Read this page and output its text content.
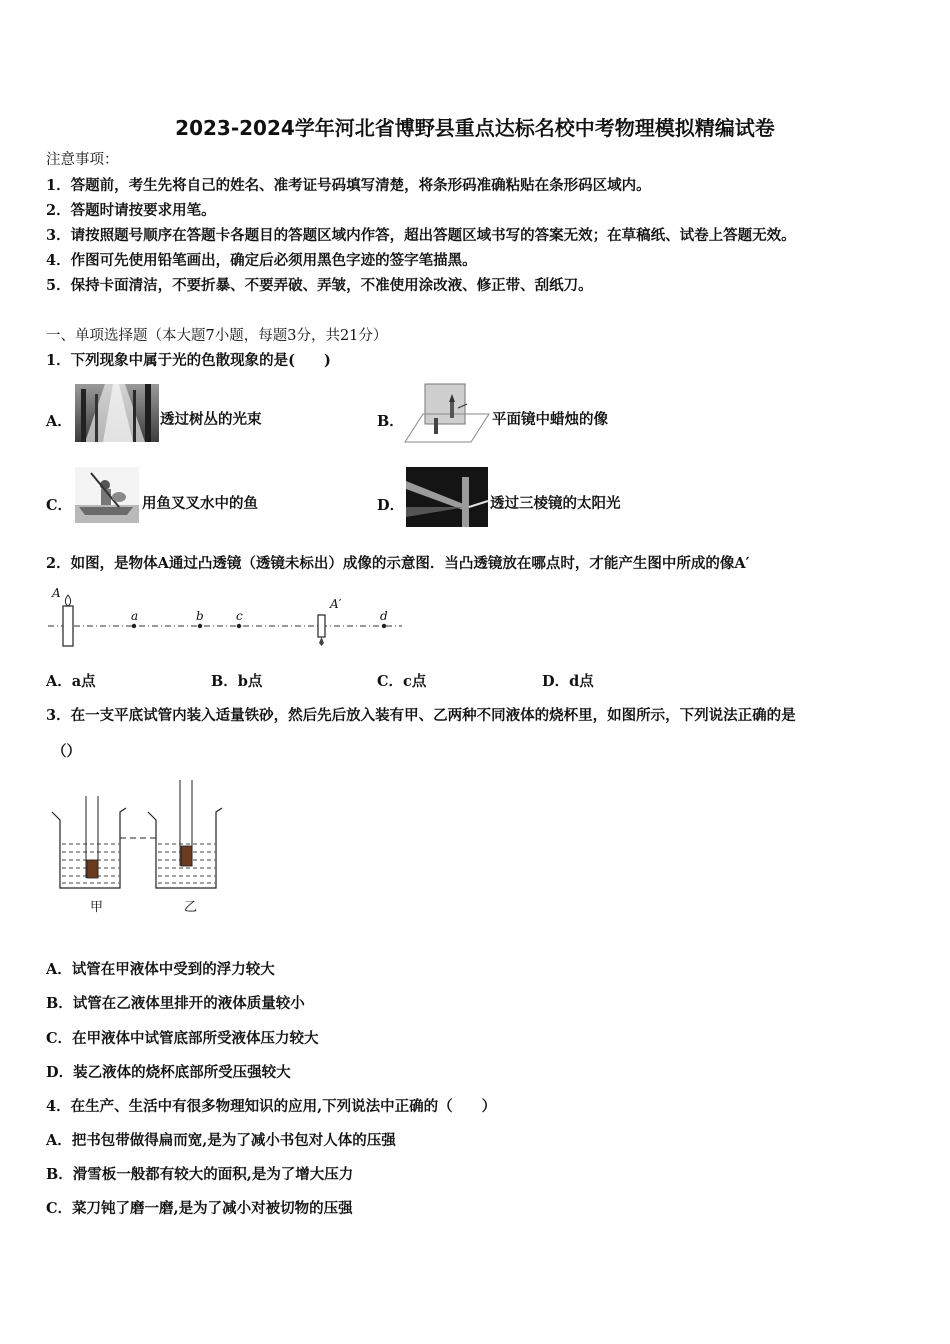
2023-2024学年河北省博野县重点达标名校中考物理模拟精编试卷
注意事项：
1．答题前，考生先将自己的姓名、准考证号码填写清楚，将条形码准确粘贴在条形码区域内。
2．答题时请按要求用笔。
3．请按照题号顺序在答题卡各题目的答题区域内作答，超出答题区域书写的答案无效；在草稿纸、试卷上答题无效。
4．作图可先使用铅笔画出，确定后必须用黑色字迹的签字笔描黑。
5．保持卡面清洁，不要折暴、不要弄破、弄皱，不准使用涂改液、修正带、刮纸刀。
一、单项选择题（本大题7小题，每题3分，共21分）
1．下列现象中属于光的色散现象的是(　　)
A．	透过树丛的光束	B．	平面镜中蜡烛的像
C．	用鱼叉叉水中的鱼	D．	透过三棱镜的太阳光
2．如图，是物体A通过凸透镜（透镜未标出）成像的示意图．当凸透镜放在哪点时，才能产生图中所成的像A′
A
A′
a	b	c	d
A．a点	B．b点	C．c点	D．d点
3．在一支平底试管内装入适量铁砂，然后先后放入装有甲、乙两种不同液体的烧杯里，如图所示，下列说法正确的是
（）
甲	乙
A．试管在甲液体中受到的浮力较大
B．试管在乙液体里排开的液体质量较小
C．在甲液体中试管底部所受液体压力较大
D．装乙液体的烧杯底部所受压强较大
4．在生产、生活中有很多物理知识的应用,下列说法中正确的（　　）
A．把书包带做得扁而宽,是为了减小书包对人体的压强
B．滑雪板一般都有较大的面积,是为了增大压力
C．菜刀钝了磨一磨,是为了减小对被切物的压强
